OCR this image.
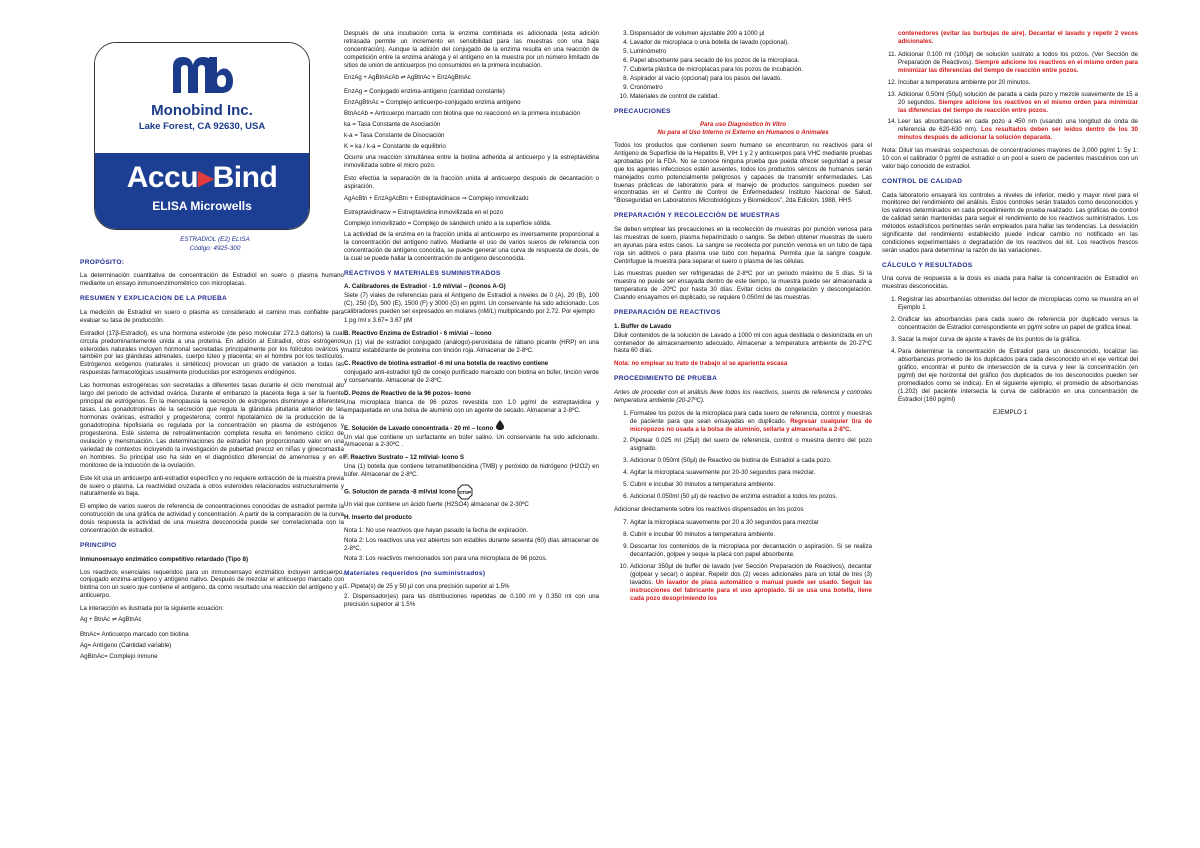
Monobind Inc.
Lake Forest, CA 92630, USA
Accu▸Bind
ELISA Microwells
ESTRADIOL (E2) ELISA
Código: 4925-300
PROPÓSITO:

La determinación cuantitativa de concentración de Estradiol en suero o plasma humano mediante un ensayo inmunoenzimométrico con microplacas.

RESUMEN Y EXPLICACION DE LA PRUEBA

La medición de Estradiol en suero o plasma es considerado el camino mas confiable para evaluar su tasa de producción.

Estradiol (17β-Estradiol), es una hormona esteroide (de peso molecular 272.3 daltons) la cual circula predominantemente unida a una proteína. En adición al Estradiol, otros estrógenos esteroides naturales incluyen hormonal secretadas principalmente por los folículos ováricos y también por las glándulas adrenales, cuerpo lúteo y placenta; en el hombre por los testículos. Estrógenos exógenos (naturales o sintéticos) provocan un grado de variación a todas las respuestas farmacológicas usualmente producidas por estrógenos endógenos.

Las hormonas estrogénicas son secretadas a diferentes tasas durante el ciclo menstrual alo largo del periodo de actividad ovárica. Durante el embarazo la placenta llega a ser la fuente principal de estrógenos. En la menopausia la secreción de estrógenos disminuye a diferentes tasas. Las gonadotropinas de la secreción que regula la glándula pituitaria anterior de las hormonas ováricas, estradiol y progesterona; control hipotalámico de la producción de la gonadotropina hipofisiaria es regulada por la concentración en plasma de estrógenos y progesterona. Este sistema de retroalimentación completa resulta en fenómeno cíclico de ovulación y menstruación. Las determinaciones de estradiol han proporcionado valor en una variedad de contextos incluyendo la investigación de pubertad precoz en niñas y ginecomastia en hombres. Su principal uso ha sido en el diagnóstico diferencial de amenorrea y en el monitoreo de la inducción de la ovulación.

Este kit usa un anticuerpo anti-estradiol específico y no requiere extracción de la muestra previa de suero o plasma. La reactividad cruzada a otros esteroides relacionados estructuralmente y naturalmente es baja.

El empleo de varios sueros de referencia de concentraciones conocidas de estradiol permite la construcción de una gráfica de actividad y concentración. A partir de la comparación de la curva dosis respuesta la actividad de una muestra desconocida puede ser correlacionada con la concentración de estradiol.

PRINCIPIO

Inmunoensayo enzimático competitivo retardado (Tipo 8)

Los reactivos esenciales requeridos para un inmunoensayo enzimático incluyen anticuerpo, conjugado enzima-antígeno y antígeno nativo. Después de mezclar el anticuerpo marcado con biotina con un suero que contiene el antígeno, da como resultado una reacción del antígeno y el anticuerpo.

La interacción es ilustrada por la siguiente ecuación:

Ag + BtnAc ⇌ AgBtnAc

BtnAc= Anticuerpo marcado con biotina

Ag= Antígeno (Cantidad variable)

AgBtnAc= Complejo inmune

Después de una incubación corta la enzima combinada es adicionada (esta adición retrasada permite un incremento en sensibilidad para las muestras con una baja concentración). Aunque la adición del conjugado de la enzima resulta en una reacción de competición entre la enzima análoga y el antígeno en la muestra por un número limitado de sitios de unión de anticuerpos (no consumidos en la primera incubación.

EnzAg + AgBtnAcAb ⇌ AgBtnAc + EnzAgBtnAc

EnzAg = Conjugado enzima-antígeno (cantidad constante)

EnzAgBtnAc = Complejo anticuerpo-conjugado enzima antígeno

BtnAcAb = Anticuerpo marcado con biotina que no reaccionó en la primera incubación

ka = Tasa Constante de Asociación

k-a = Tasa Constante de Disociación

K = ka / k-a = Constante de equilibrio

Ocurre una reacción simultánea entre la biotina adherida al anticuerpo y la estreptavidina inmovilizada sobre el micro pozo.

Esto efectúa la separación de la fracción unida al anticuerpo después de decantación o aspiración.

AgAcBtn + EnzAgAcBtn + Estreptavidinacw ⇒ Complejo inmovilizado

Estreptavidinacw = Estreptavidina inmovilizada en el pozo

Complejo inmovilizado = Complejo de sándwich unido a la superficie sólida.

La actividad de la enzima en la fracción unida al anticuerpo es inversamente proporcional a la concentración del antígeno nativo. Mediante el uso de varios sueros de referencia con concentración de antígeno conocida, se puede generar una curva de respuesta de dosis, de la cual se puede hallar la concentración de antígeno desconocida.

REACTIVOS Y MATERIALES SUMINISTRADOS

A. Calibradores de Estradiol - 1.0 ml/vial – (Iconos A-G)

Siete (7) viales de referencias para el Antígeno de Estradiol a niveles de 0 (A), 20 (B), 100 (C), 250 (D), 500 (E), 1500 (F) y 3000 (G) en pg/ml. Un conservante ha sido adicionado. Los calibradores pueden ser expresados en molares (nM/L) multiplicando por 2.72. Por ejemplo

1 pg /ml x 3.67= 3.67 pM

B. Reactivo Enzima de Estradiol - 6 ml/vial – Icono

Un (1) vial de estradiol conjugado (análogo)-peroxidasa de rábano picante (HRP) en una matriz estabilizante de proteína con tinción roja. Almacenar de 2-8ºC.

C. Reactivo de biotina estradiol -6 ml una botella de reactivo contiene

conjugado anti-estradiol IgG de conejo purificado marcado con biotina en búfer, tinción verde y conservante. Almacenar de 2-8ºC.

D. Pozos de Reactivo de la 96 pozos- Icono

Una microplaca blanca de 96 pozos revestida con 1.0 µg/ml de estreptavidina y empaquetada en una bolsa de aluminio con un agente de secado. Almacenar a 2-8ºC.

E. Solución de Lavado concentrada - 20 ml – Icono

Un vial que contiene un surfactante en búfer salino. Un conservante ha sido adicionado. Almacenar a 2-30ºC .

F. Reactivo Sustrato – 12 ml/vial- Icono S

Una (1) botella que contiene tetrametilbencidina (TMB) y peróxido de hidrógeno (H2O2) en búfer. Almacenar de 2-8ºC.

G. Solución de parada -8 ml/vial Icono STOP

Un vial que contiene un ácido fuerte (H2SO4) almacenar de 2-30ºC

H. Inserto del producto

Nota 1: No use reactivos que hayan pasado la fecha de expiración.

Nota 2: Los reactivos una vez abiertos son estables durante sesenta (60) días almacenar de 2-8ºC.

Nota 3: Los reactivos mencionados son para una microplaca de 96 pozos.

Materiales requeridos (no suministrados)

1. Pipeta(s) de 25 y 50 µl con una precisión superior al 1.5%

2. Dispensador(es) para las distribuciones repetidas de 0.100 ml y 0.350 ml con una precisión superior al 1.5%

3. Dispensador de volumen ajustable 200 a 1000 µl
4. Lavador de microplaca o una botella de lavado (opcional).
5. Luminómetro
6. Papel absorbente para secado de los pozos de la microplaca.
7. Cubierta plástica de microplacas para los pozos de incubación.
8. Aspirador al vacío (opcional) para los pasos del lavado.
9. Cronómetro
10. Materiales de control de calidad.
PRECAUCIONES

Para uso Diagnóstico In Vitro
No para el Uso Interno ni Externo en Humanos o Animales

Todos los productos que contienen suero humano se encontraron no reactivos para el Antígeno de Superficie de la Hepatitis B, VIH 1 y 2 y anticuerpos para VHC mediante pruebas aprobadas por la FDA. No se conoce ninguna prueba que pueda ofrecer seguridad a pesar que los agentes infecciosos estén ausentes, todos los productos séricos de humanos serán manejados como potencialmente peligrosos y capaces de transmitir enfermedades. Las buenas prácticas de laboratorio para el manejo de productos sanguíneos pueden ser encontradas en el Centro de Control de Enfermedades/ Instituto Nacional de Salud, "Bioseguridad en Laboratorios Microbiológicos y Biomédicos", 2da Edición, 1988, HHS

PREPARACIÓN Y RECOLECCIÓN DE MUESTRAS

Se deben emplear las precauciones en la recolección de muestras por punción venosa para las muestras de suero, plasma heparinizado o sangre. Se deben obtener muestras de suero en ayunas para estos casos. La sangre se recolecta por punción venosa en un tubo de tapa roja sin aditivos o para plasma use tubo con heparina. Permita que la sangre coagule. Centrifugue la muestra para separar el suero o plasma de las células.

Las muestras pueden ser refrigeradas de 2-8ºC por un periodo máximo de 5 días. Si la muestra no puede ser ensayada dentro de este tiempo, la muestra puede ser almacenada a temperatura de -20ºC por hasta 30 días. Evitar ciclos de congelación y descongelación. Cuando ensayamos en duplicado, se requiere 0.050ml de las muestras.

PREPARACIÓN DE REACTIVOS

1. Buffer de Lavado

Diluir contenidos de la solución de Lavado a 1000 ml con agua destilada o desionizada en un contenedor de almacenamiento adecuado. Almacenar a temperatura ambiente de 20-27ºC hasta 60 días.

Nota: no emplear su trato de trabajo si se aparienta escasa

PROCEDIMIENTO DE PRUEBA

Antes de proceder con el análisis lleve todos los reactivos, sueros de referencia y controles temperatura ambiente (20-27ºC).

1. Formatee los pozos de la microplaca para cada suero de referencia, control y muestras de paciente para que sean ensayadas en duplicado. Regresar cualquier tira de micropozos no usada a la bolsa de aluminio, sellarla y almacenarla a 2-8ºC.
2. Pipetear 0.025 ml (25µl) del suero de referencia, control o muestra dentro del pozo asignado.
3. Adicionar 0.050ml (50µl) de Reactivo de biotina de Estradiol a cada pozo.
4. Agitar la microplaca suavemente por 20-30 segundos para mezclar.
5. Cubrir e incubar 30 minutos a temperatura ambiente.
6. Adicional 0.050ml (50 µl) de reactivo de enzima estradiol a todos los pozos.

Adicionar directamente sobre los reactivos dispensados en los pozos

7. Agitar la microplaca suavemente por 20 a 30 segundos para mezclar
8. Cubrir e incubar 90 minutos a temperatura ambiente.
9. Descartar los contenidos de la microplaca por decantación o aspiración. Si se realiza decantación, golpee y seque la placa con papel absorbente.
10. Adicionar 350µl de buffer de lavado (ver Sección Preparación de Reactivos), decantar (golpear y secar) o aspirar. Repetir dos (2) veces adicionales para un total de tres (3) lavados. Un lavador de placa automático o manual puede ser usado. Seguir las instrucciones del fabricante para el uso apropiado. Si se usa una botella, llene cada pozo desoprimiendo los

contenedores (evitar las burbujas de aire). Decantar el lavado y repetir 2 veces adicionales.

11. Adicionar 0.100 ml (100µl) de solución sustrato a todos los pozos. (Ver Sección de Preparación de Reactivos). Siempre adicione los reactivos en el mismo orden para minimizar las diferencias del tiempo de reacción entre pozos.
12. Incubar a temperatura ambiente por 20 minutos.
13. Adicionar 0.50ml (50µl) solución de parada a cada pozo y mezcle suavemente de 15 a 20 segundos. Siempre adicione los reactivos en el mismo orden para minimizar las diferencias del tiempo de reacción entre pozos.
14. Leer las absorbancias en cada pozo a 450 nm (usando una longitud de onda de referencia de 620-630 nm). Los resultados deben ser leídos dentro de los 30 minutos después de adicionar la solución deparada.

Nota: Diluir las muestras sospechosas de concentraciones mayores de 3,000 pg/ml 1: 5y 1: 10 con el calibrador 0 pg/ml de estradiol o un pool e suero de pacientes masculinos con un valor bajo conocido de estradiol.

CONTROL DE CALIDAD

Cada laboratorio ensayará los controles a niveles de inferior, medio y mayor nivel para el monitoreo del rendimiento del análisis. Estos controles serán tratados como desconocidos y los valores determinados en cada procedimiento de prueba realizado. Las gráficas de control de calidad serán mantenidas para seguir el rendimiento de los reactivos suministrados. Los métodos estadísticos pertinentes serán empleados para hallar las tendencias. La desviación significante del rendimiento establecido puede indicar cambio no notificado en las condiciones experimentales o degradación de los reactivos del kit. Los reactivos frescos serán usados para determinar la razón de las variaciones.

CÁLCULO Y RESULTADOS

Una curva de respuesta a la dosis es usada para hallar la concentración de Estradiol en muestras desconocidas.

1. Registrar las absorbancias obtenidas del lector de microplacas como se muestra en el Ejemplo 1
2. Graficar las absorbancias para cada suero de referencia por duplicado versus la concentración de Estradiol correspondiente en pg/ml sobre un papel de gráfica lineal.
3. Sacar la mejor curva de ajuste a través de los puntos de la gráfica.
4. Para determinar la concentración de Estradiol para un desconocido, localizar las absorbancias promedio de los duplicados para cada desconocido en el eje vertical del gráfico, encontrar el punto de intersección de la curva y leer la concentración (en pg/ml) del eje horizontal del gráfico (los duplicados de los desconocidos pueden ser promediados como se indica). En el siguiente ejemplo, el promedio de absorbancias (1.202) del paciente intersecta la curva de calibración en una concentración de Estradiol (160 pg/ml)

EJEMPLO 1
